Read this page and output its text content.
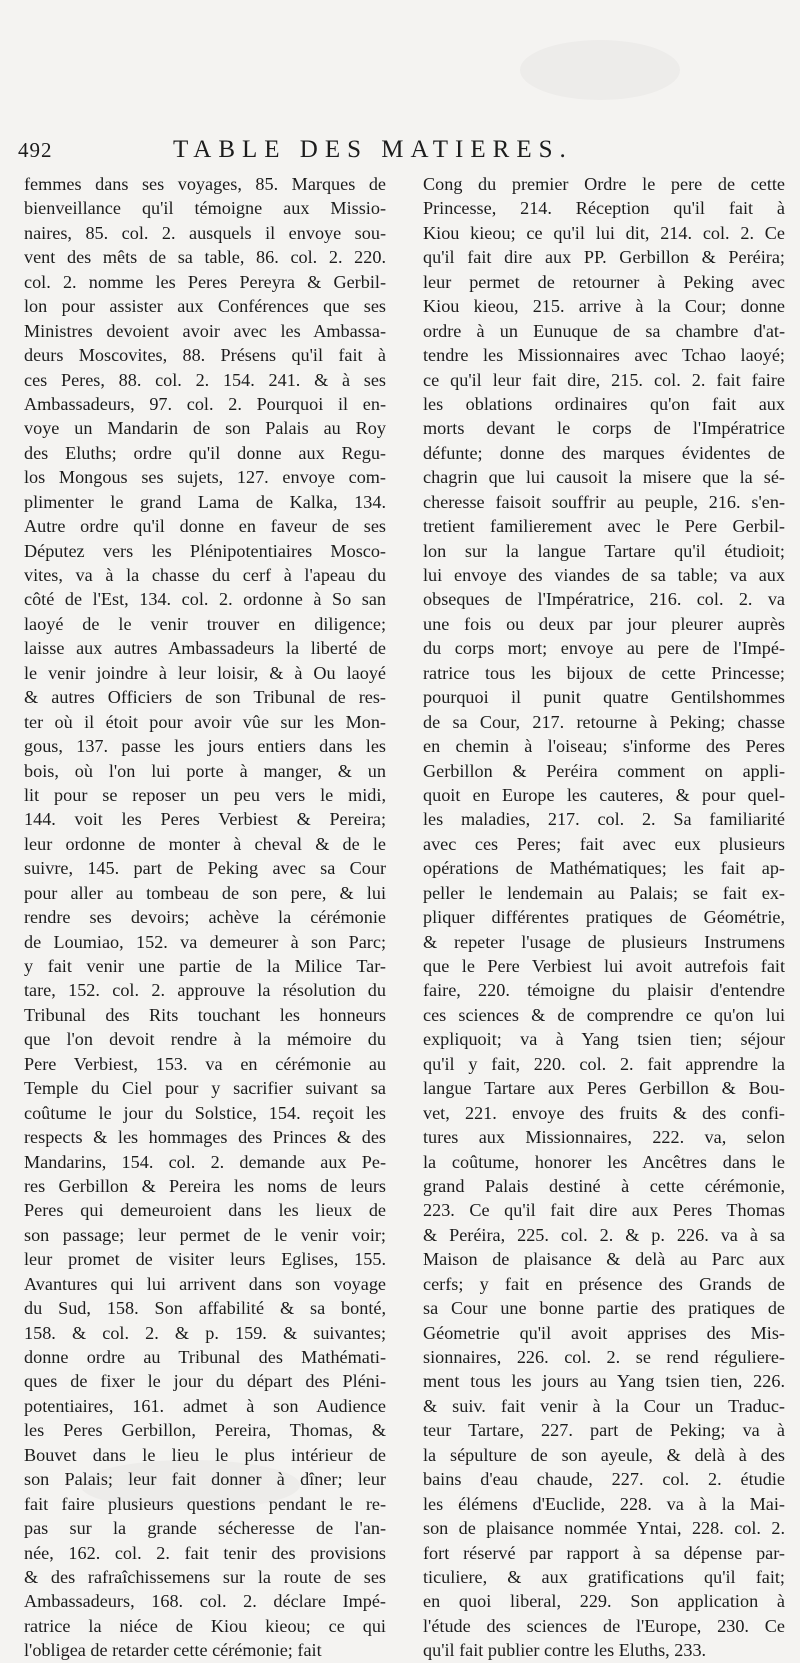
492	TABLE DES MATIERES.
femmes dans ses voyages, 85. Marques de
bienveillance qu'il témoigne aux Missio-
naires, 85. col. 2. ausquels il envoye sou-
vent des mêts de sa table, 86. col. 2. 220.
col. 2. nomme les Peres Pereyra & Gerbil-
lon pour assister aux Conférences que ses
Ministres devoient avoir avec les Ambassa-
deurs Moscovites, 88. Présens qu'il fait à
ces Peres, 88. col. 2. 154. 241. & à ses
Ambassadeurs, 97. col. 2. Pourquoi il en-
voye un Mandarin de son Palais au Roy
des Eluths; ordre qu'il donne aux Regu-
los Mongous ses sujets, 127. envoye com-
plimenter le grand Lama de Kalka, 134.
Autre ordre qu'il donne en faveur de ses
Députez vers les Plénipotentiaires Mosco-
vites, va à la chasse du cerf à l'apeau du
côté de l'Est, 134. col. 2. ordonne à So san
laoyé de le venir trouver en diligence;
laisse aux autres Ambassadeurs la liberté de
le venir joindre à leur loisir, & à Ou laoyé
& autres Officiers de son Tribunal de res-
ter où il étoit pour avoir vûe sur les Mon-
gous, 137. passe les jours entiers dans les
bois, où l'on lui porte à manger, & un
lit pour se reposer un peu vers le midi,
144. voit les Peres Verbiest & Pereira;
leur ordonne de monter à cheval & de le
suivre, 145. part de Peking avec sa Cour
pour aller au tombeau de son pere, & lui
rendre ses devoirs; achève la cérémonie
de Loumiao, 152. va demeurer à son Parc;
y fait venir une partie de la Milice Tar-
tare, 152. col. 2. approuve la résolution du
Tribunal des Rits touchant les honneurs
que l'on devoit rendre à la mémoire du
Pere Verbiest, 153. va en cérémonie au
Temple du Ciel pour y sacrifier suivant sa
coûtume le jour du Solstice, 154. reçoit les
respects & les hommages des Princes & des
Mandarins, 154. col. 2. demande aux Pe-
res Gerbillon & Pereira les noms de leurs
Peres qui demeuroient dans les lieux de
son passage; leur permet de le venir voir;
leur promet de visiter leurs Eglises, 155.
Avantures qui lui arrivent dans son voyage
du Sud, 158. Son affabilité & sa bonté,
158. & col. 2. & p. 159. & suivantes;
donne ordre au Tribunal des Mathémati-
ques de fixer le jour du départ des Pléni-
potentiaires, 161. admet à son Audience
les Peres Gerbillon, Pereira, Thomas, &
Bouvet dans le lieu le plus intérieur de
son Palais; leur fait donner à dîner; leur
fait faire plusieurs questions pendant le re-
pas sur la grande sécheresse de l'an-
née, 162. col. 2. fait tenir des provisions
& des rafraîchissemens sur la route de ses
Ambassadeurs, 168. col. 2. déclare Impé-
ratrice la niéce de Kiou kieou; ce qui
l'obligea de retarder cette cérémonie; fait
Cong du premier Ordre le pere de cette
Princesse, 214. Réception qu'il fait à
Kiou kieou; ce qu'il lui dit, 214. col. 2. Ce
qu'il fait dire aux PP. Gerbillon & Peréira;
leur permet de retourner à Peking avec
Kiou kieou, 215. arrive à la Cour; donne
ordre à un Eunuque de sa chambre d'at-
tendre les Missionnaires avec Tchao laoyé;
ce qu'il leur fait dire, 215. col. 2. fait faire
les oblations ordinaires qu'on fait aux
morts devant le corps de l'Impératrice
défunte; donne des marques évidentes de
chagrin que lui causoit la misere que la sé-
cheresse faisoit souffrir au peuple, 216. s'en-
tretient familierement avec le Pere Gerbil-
lon sur la langue Tartare qu'il étudioit;
lui envoye des viandes de sa table; va aux
obseques de l'Impératrice, 216. col. 2. va
une fois ou deux par jour pleurer auprès
du corps mort; envoye au pere de l'Impé-
ratrice tous les bijoux de cette Princesse;
pourquoi il punit quatre Gentilshommes
de sa Cour, 217. retourne à Peking; chasse
en chemin à l'oiseau; s'informe des Peres
Gerbillon & Peréira comment on appli-
quoit en Europe les cauteres, & pour quel-
les maladies, 217. col. 2. Sa familiarité
avec ces Peres; fait avec eux plusieurs
opérations de Mathématiques; les fait ap-
peller le lendemain au Palais; se fait ex-
pliquer différentes pratiques de Géométrie,
& repeter l'usage de plusieurs Instrumens
que le Pere Verbiest lui avoit autrefois fait
faire, 220. témoigne du plaisir d'entendre
ces sciences & de comprendre ce qu'on lui
expliquoit; va à Yang tsien tien; séjour
qu'il y fait, 220. col. 2. fait apprendre la
langue Tartare aux Peres Gerbillon & Bou-
vet, 221. envoye des fruits & des confi-
tures aux Missionnaires, 222. va, selon
la coûtume, honorer les Ancêtres dans le
grand Palais destiné à cette cérémonie,
223. Ce qu'il fait dire aux Peres Thomas
& Peréira, 225. col. 2. & p. 226. va à sa
Maison de plaisance & delà au Parc aux
cerfs; y fait en présence des Grands de
sa Cour une bonne partie des pratiques de
Géometrie qu'il avoit apprises des Mis-
sionnaires, 226. col. 2. se rend réguliere-
ment tous les jours au Yang tsien tien, 226.
& suiv. fait venir à la Cour un Traduc-
teur Tartare, 227. part de Peking; va à
la sépulture de son ayeule, & delà à des
bains d'eau chaude, 227. col. 2. étudie
les élémens d'Euclide, 228. va à la Mai-
son de plaisance nommée Yntai, 228. col. 2.
fort réservé par rapport à sa dépense par-
ticuliere, & aux gratifications qu'il fait;
en quoi liberal, 229. Son application à
l'étude des sciences de l'Europe, 230. Ce
qu'il fait publier contre les Eluths, 233.
